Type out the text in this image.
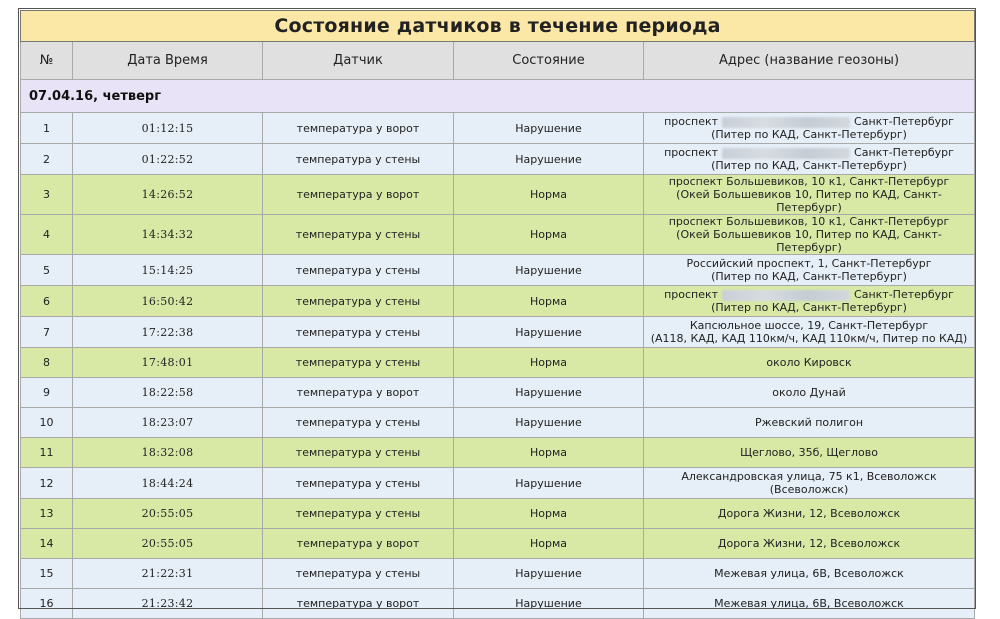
Состояние датчиков в течение периода				
№	Дата Время	Датчик	Состояние	Адрес (название геозоны)
07.04.16, четверг				
1	01:12:15	температура у ворот	Нарушение	проспект Санкт-Петербург
(Питер по КАД, Санкт-Петербург)

2	01:22:52	температура у стены	Нарушение	проспект Санкт-Петербург
(Питер по КАД, Санкт-Петербург)

3	14:26:52	температура у ворот	Норма	проспект Большевиков, 10 к1, Санкт-Петербург
(Окей Большевиков 10, Питер по КАД, Санкт-Петербург)

4	14:34:32	температура у стены	Норма	проспект Большевиков, 10 к1, Санкт-Петербург
(Окей Большевиков 10, Питер по КАД, Санкт-Петербург)

5	15:14:25	температура у стены	Нарушение	Российский проспект, 1, Санкт-Петербург
(Питер по КАД, Санкт-Петербург)

6	16:50:42	температура у стены	Норма	проспект Санкт-Петербург
(Питер по КАД, Санкт-Петербург)

7	17:22:38	температура у стены	Нарушение	Капсюльное шоссе, 19, Санкт-Петербург
(А118, КАД, КАД 110км/ч, КАД 110км/ч, Питер по КАД)

8	17:48:01	температура у стены	Норма	около Кировск

9	18:22:58	температура у ворот	Нарушение	около Дунай

10	18:23:07	температура у стены	Нарушение	Ржевский полигон

11	18:32:08	температура у стены	Норма	Щеглово, 35б, Щеглово

12	18:44:24	температура у стены	Нарушение	Александровская улица, 75 к1, Всеволожск
(Всеволожск)

13	20:55:05	температура у стены	Норма	Дорога Жизни, 12, Всеволожск

14	20:55:05	температура у ворот	Норма	Дорога Жизни, 12, Всеволожск

15	21:22:31	температура у стены	Нарушение	Межевая улица, 6В, Всеволожск

16	21:23:42	температура у ворот	Нарушение	Межевая улица, 6В, Всеволожск
